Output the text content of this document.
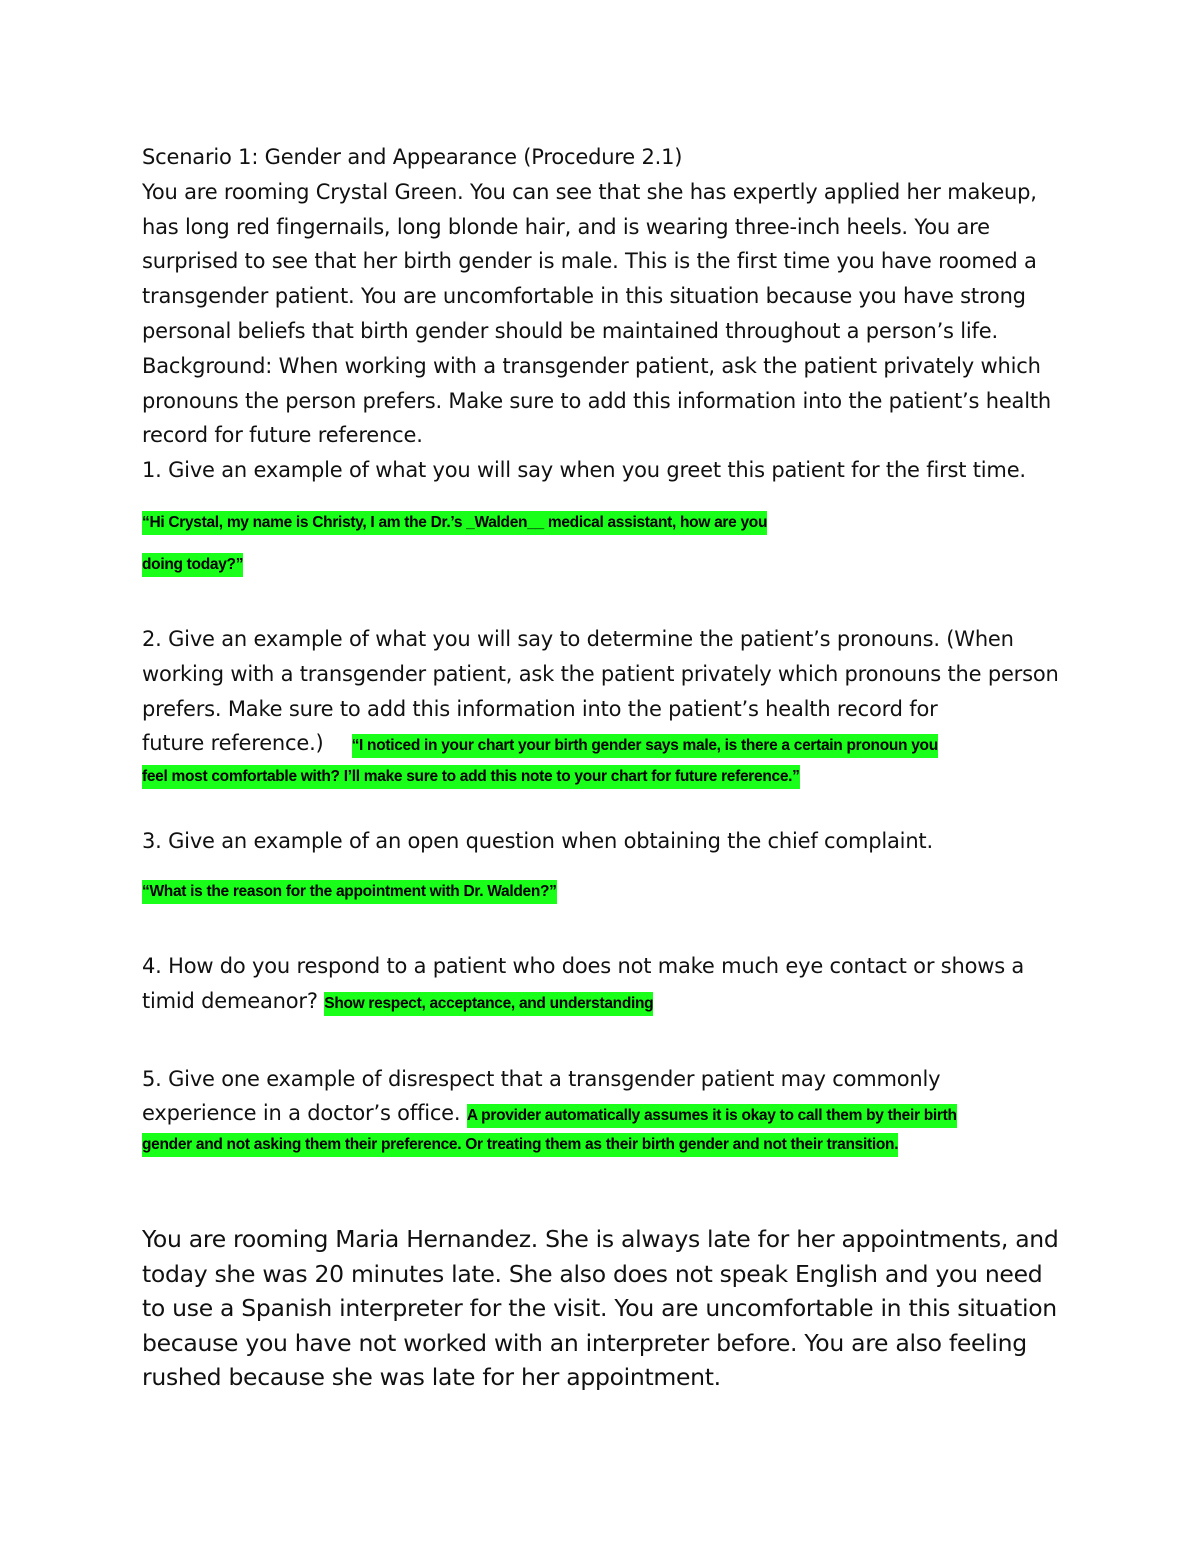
Scenario 1: Gender and Appearance (Procedure 2.1)

You are rooming Crystal Green. You can see that she has expertly applied her makeup, has long red fingernails, long blonde hair, and is wearing three-inch heels. You are surprised to see that her birth gender is male. This is the first time you have roomed a transgender patient. You are uncomfortable in this situation because you have strong personal beliefs that birth gender should be maintained throughout a person’s life. Background: When working with a transgender patient, ask the patient privately which pronouns the person prefers. Make sure to add this information into the patient’s health record for future reference.

1. Give an example of what you will say when you greet this patient for the first time.

“Hi Crystal, my name is Christy, I am the Dr.’s _Walden__ medical assistant, how are you

doing today?”

2. Give an example of what you will say to determine the patient’s pronouns. (When working with a transgender patient, ask the patient privately which pronouns the person prefers. Make sure to add this information into the patient’s health record for

future reference.) “I noticed in your chart your birth gender says male, is there a certain pronoun you

feel most comfortable with? I’ll make sure to add this note to your chart for future reference.”

3. Give an example of an open question when obtaining the chief complaint.

“What is the reason for the appointment with Dr. Walden?”

4. How do you respond to a patient who does not make much eye contact or shows a

timid demeanor? Show respect, acceptance, and understanding

5. Give one example of disrespect that a transgender patient may commonly

experience in a doctor’s office. A provider automatically assumes it is okay to call them by their birth

gender and not asking them their preference. Or treating them as their birth gender and not their transition.

You are rooming Maria Hernandez. She is always late for her appointments, and today she was 20 minutes late. She also does not speak English and you need to use a Spanish interpreter for the visit. You are uncomfortable in this situation because you have not worked with an interpreter before. You are also feeling rushed because she was late for her appointment.
